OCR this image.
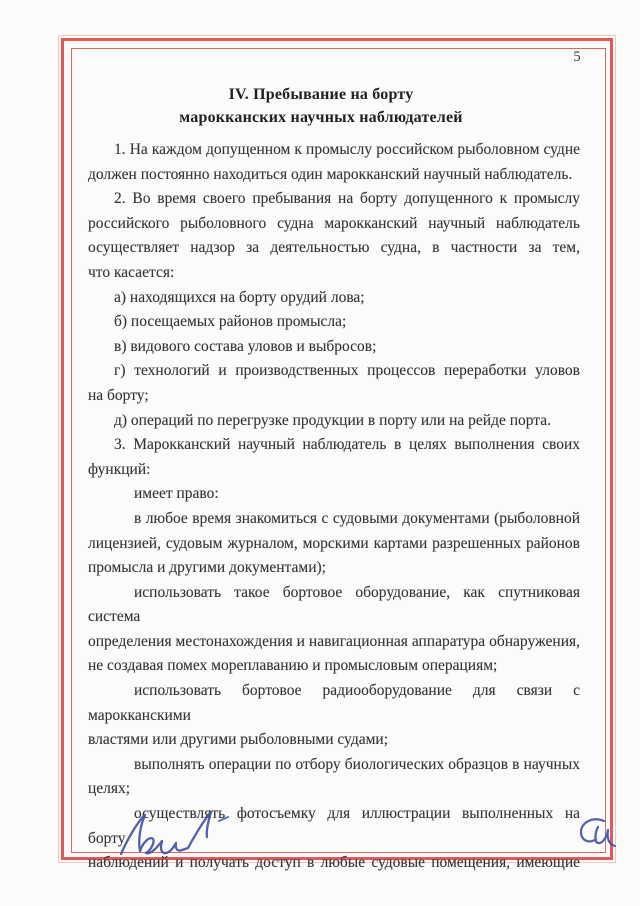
5
IV. Пребывание на борту
марокканских научных наблюдателей
1. На каждом допущенном к промыслу российском рыболовном судне
должен постоянно находиться один марокканский научный наблюдатель.
2. Во время своего пребывания на борту допущенного к промыслу
российского рыболовного судна марокканский научный наблюдатель
осуществляет надзор за деятельностью судна, в частности за тем,
что касается:
а) находящихся на борту орудий лова;
б) посещаемых районов промысла;
в) видового состава уловов и выбросов;
г) технологий и производственных процессов переработки уловов
на борту;
д) операций по перегрузке продукции в порту или на рейде порта.
3. Марокканский научный наблюдатель в целях выполнения своих
функций:
имеет право:
в любое время знакомиться с судовыми документами (рыболовной
лицензией, судовым журналом, морскими картами разрешенных районов
промысла и другими документами);
использовать такое бортовое оборудование, как спутниковая система
определения местонахождения и навигационная аппаратура обнаружения,
не создавая помех мореплаванию и промысловым операциям;
использовать бортовое радиооборудование для связи с марокканскими
властями или другими рыболовными судами;
выполнять операции по отбору биологических образцов в научных
целях;
осуществлять фотосъемку для иллюстрации выполненных на борту
наблюдений и получать доступ в любые судовые помещения, имеющие
